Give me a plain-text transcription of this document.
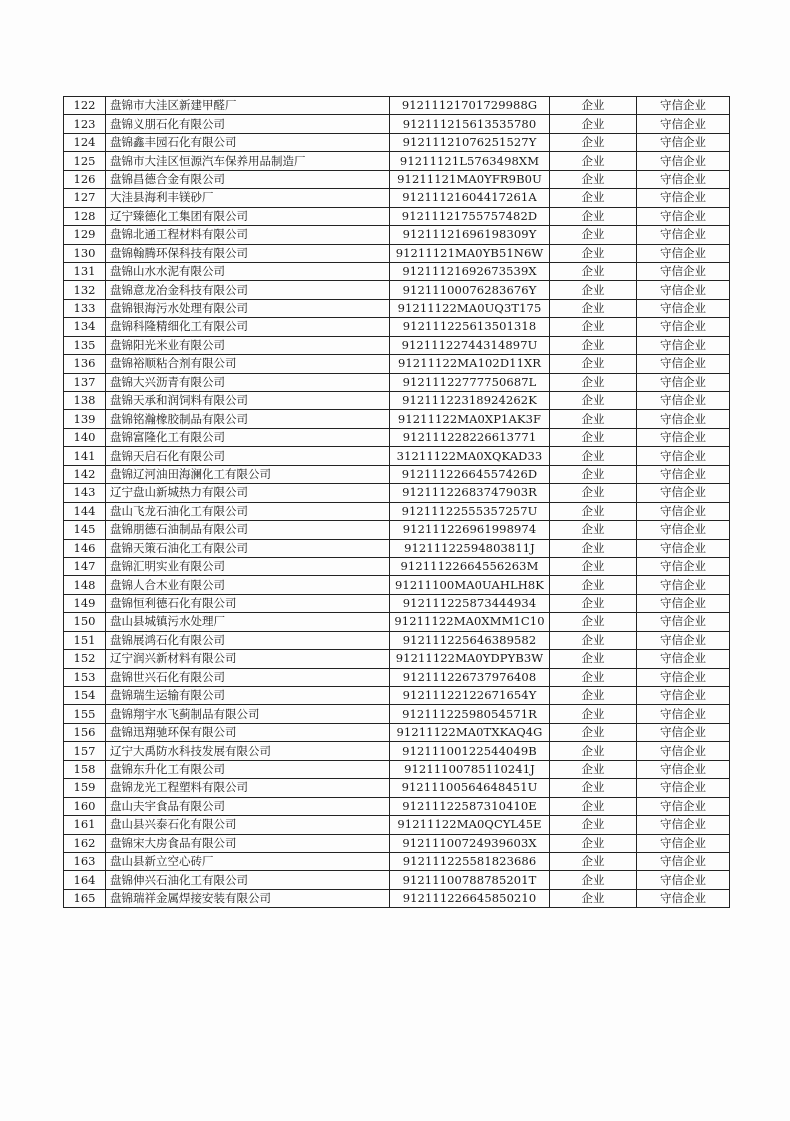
122	盘锦市大洼区新建甲醛厂	91211121701729988G	企业	守信企业
123	盘锦义朋石化有限公司	912111215613535780	企业	守信企业
124	盘锦鑫丰园石化有限公司	91211121076251527Y	企业	守信企业
125	盘锦市大洼区恒源汽车保养用品制造厂	91211121L5763498XM	企业	守信企业
126	盘锦昌德合金有限公司	91211121MA0YFR9B0U	企业	守信企业
127	大洼县海利丰镁砂厂	91211121604417261A	企业	守信企业
128	辽宁臻德化工集团有限公司	91211121755757482D	企业	守信企业
129	盘锦北通工程材料有限公司	91211121696198309Y	企业	守信企业
130	盘锦翰腾环保科技有限公司	91211121MA0YB51N6W	企业	守信企业
131	盘锦山水水泥有限公司	91211121692673539X	企业	守信企业
132	盘锦意龙冶金科技有限公司	91211100076283676Y	企业	守信企业
133	盘锦银海污水处理有限公司	91211122MA0UQ3T175	企业	守信企业
134	盘锦科隆精细化工有限公司	912111225613501318	企业	守信企业
135	盘锦阳光米业有限公司	91211122744314897U	企业	守信企业
136	盘锦裕顺粘合剂有限公司	91211122MA102D11XR	企业	守信企业
137	盘锦大兴沥青有限公司	91211122777750687L	企业	守信企业
138	盘锦天承和润饲料有限公司	91211122318924262K	企业	守信企业
139	盘锦铭瀚橡胶制品有限公司	91211122MA0XP1AK3F	企业	守信企业
140	盘锦富隆化工有限公司	912111228226613771	企业	守信企业
141	盘锦天启石化有限公司	31211122MA0XQKAD33	企业	守信企业
142	盘锦辽河油田海澜化工有限公司	91211122664557426D	企业	守信企业
143	辽宁盘山新城热力有限公司	91211122683747903R	企业	守信企业
144	盘山飞龙石油化工有限公司	91211122555357257U	企业	守信企业
145	盘锦朋德石油制品有限公司	912111226961998974	企业	守信企业
146	盘锦天策石油化工有限公司	91211122594803811J	企业	守信企业
147	盘锦汇明实业有限公司	91211122664556263M	企业	守信企业
148	盘锦人合木业有限公司	91211100MA0UAHLH8K	企业	守信企业
149	盘锦恒利德石化有限公司	912111225873444934	企业	守信企业
150	盘山县城镇污水处理厂	91211122MA0XMM1C10	企业	守信企业
151	盘锦展鸿石化有限公司	912111225646389582	企业	守信企业
152	辽宁润兴新材料有限公司	91211122MA0YDPYB3W	企业	守信企业
153	盘锦世兴石化有限公司	912111226737976408	企业	守信企业
154	盘锦瑞生运输有限公司	91211122122671654Y	企业	守信企业
155	盘锦翔宇水飞蓟制品有限公司	91211122598054571R	企业	守信企业
156	盘锦迅翔驰环保有限公司	91211122MA0TXKAQ4G	企业	守信企业
157	辽宁大禹防水科技发展有限公司	91211100122544049B	企业	守信企业
158	盘锦东升化工有限公司	91211100785110241J	企业	守信企业
159	盘锦龙光工程塑料有限公司	91211100564648451U	企业	守信企业
160	盘山夫宇食品有限公司	91211122587310410E	企业	守信企业
161	盘山县兴泰石化有限公司	91211122MA0QCYL45E	企业	守信企业
162	盘锦宋大房食品有限公司	91211100724939603X	企业	守信企业
163	盘山县新立空心砖厂	912111225581823686	企业	守信企业
164	盘锦伸兴石油化工有限公司	91211100788785201T	企业	守信企业
165	盘锦瑞祥金属焊接安装有限公司	912111226645850210	企业	守信企业
